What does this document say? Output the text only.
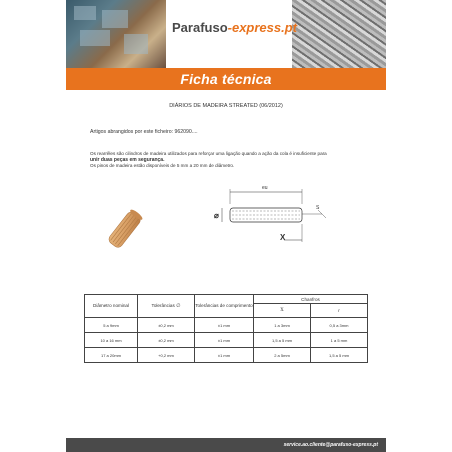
Parafuso-express.pt
Ficha técnica
DIÁRIOS DE MADEIRA STREATED (06/2012)
Artigos abrangidos por este ficheiro: 962090....
Os rearrêles são cilindros de madeira utilizados para reforçar uma ligação quando a ação da cola é insuficiente para
unir duas peças em segurança.
Os pinos de madeira estão disponíveis de 5 mm a 20 mm de diâmetro.
eu
⌀
S
X
Diâmetro nominal	Tolerâncias ∅	Tolerâncias de comprimento	Chanfros	
			X	r
5 a 9mm	±0,2 mm	±1 mm	1 a 3mm	0,5 a 3mm
10 a 16 mm	±0,2 mm	±1 mm	1,5 a 5 mm	1 a 5 mm
17 a 20mm	+0,2 mm	±1 mm	2 a 5mm	1,5 a 5 mm
service.ao.cliente@parafuso-express.pt
